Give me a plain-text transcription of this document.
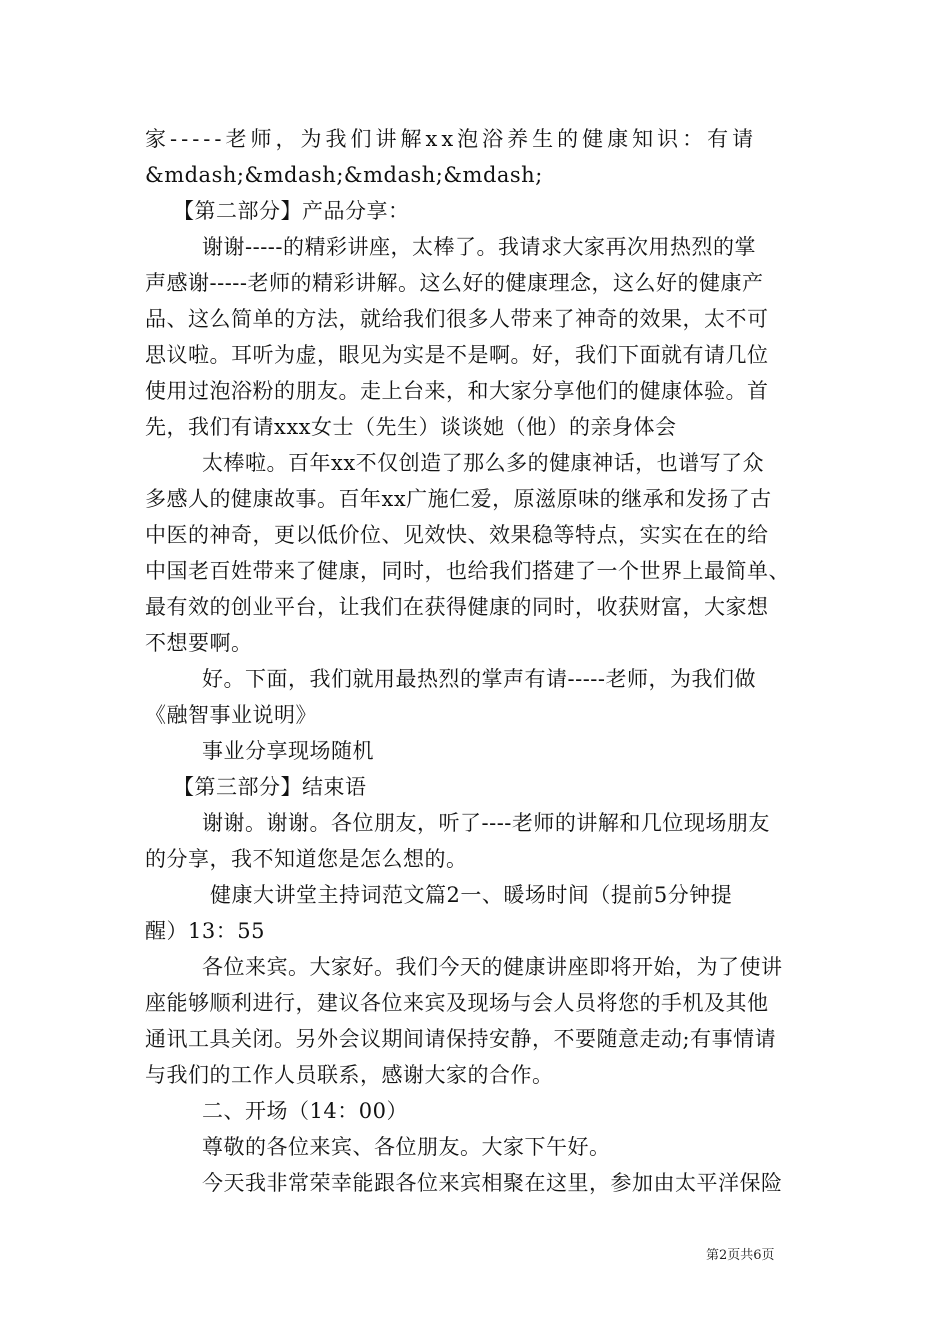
家-----老师，为我们讲解xx泡浴养生的健康知识：有请
&mdash;&mdash;&mdash;&mdash;
【第二部分】产品分享：
谢谢-----的精彩讲座，太棒了。我请求大家再次用热烈的掌
声感谢-----老师的精彩讲解。这么好的健康理念，这么好的健康产
品、这么简单的方法，就给我们很多人带来了神奇的效果，太不可
思议啦。耳听为虚，眼见为实是不是啊。好，我们下面就有请几位
使用过泡浴粉的朋友。走上台来，和大家分享他们的健康体验。首
先，我们有请xxx女士（先生）谈谈她（他）的亲身体会
太棒啦。百年xx不仅创造了那么多的健康神话，也谱写了众
多感人的健康故事。百年xx广施仁爱，原滋原味的继承和发扬了古
中医的神奇，更以低价位、见效快、效果稳等特点，实实在在的给
中国老百姓带来了健康，同时，也给我们搭建了一个世界上最简单、
最有效的创业平台，让我们在获得健康的同时，收获财富，大家想
不想要啊。
好。下面，我们就用最热烈的掌声有请-----老师，为我们做
《融智事业说明》
事业分享现场随机
【第三部分】结束语
谢谢。谢谢。各位朋友，听了----老师的讲解和几位现场朋友
的分享，我不知道您是怎么想的。
健康大讲堂主持词范文篇2一、暖场时间（提前5分钟提
醒）13：55
各位来宾。大家好。我们今天的健康讲座即将开始，为了使讲
座能够顺利进行，建议各位来宾及现场与会人员将您的手机及其他
通讯工具关闭。另外会议期间请保持安静，不要随意走动;有事情请
与我们的工作人员联系，感谢大家的合作。
二、开场（14：00）
尊敬的各位来宾、各位朋友。大家下午好。
今天我非常荣幸能跟各位来宾相聚在这里，参加由太平洋保险
第2页共6页
